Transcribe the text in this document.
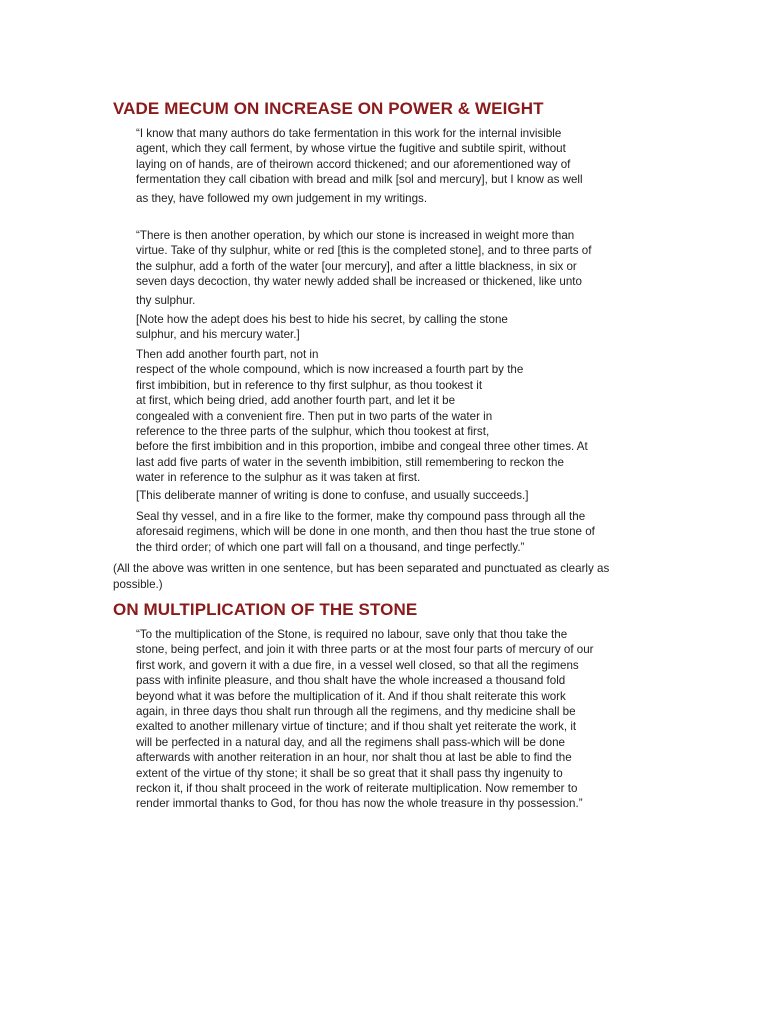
VADE MECUM ON INCREASE ON POWER & WEIGHT
“I know that many authors do take fermentation in this work for the internal invisible
agent, which they call ferment, by whose virtue the fugitive and subtile spirit, without
laying on of hands, are of theirown accord thickened; and our aforementioned way of
fermentation they call cibation with bread and milk [sol and mercury], but I know as well
as they, have followed my own judgement in my writings.
“There is then another operation, by which our stone is increased in weight more than
virtue. Take of thy sulphur, white or red [this is the completed stone], and to three parts of
the sulphur, add a forth of the water [our mercury], and after a little blackness, in six or
seven days decoction, thy water newly added shall be increased or thickened, like unto
thy sulphur.
[Note how the adept does his best to hide his secret, by calling the stone
sulphur, and his mercury water.]
Then add another fourth part, not in
respect of the whole compound, which is now increased a fourth part by the
first imbibition, but in reference to thy first sulphur, as thou tookest it
at first, which being dried, add another fourth part, and let it be
congealed with a convenient fire. Then put in two parts of the water in
reference to the three parts of the sulphur, which thou tookest at first,
before the first imbibition and in this proportion, imbibe and congeal three other times. At
last add five parts of water in the seventh imbibition, still remembering to reckon the
water in reference to the sulphur as it was taken at first.
[This deliberate manner of writing is done to confuse, and usually succeeds.]
Seal thy vessel, and in a fire like to the former, make thy compound pass through all the
aforesaid regimens, which will be done in one month, and then thou hast the true stone of
the third order; of which one part will fall on a thousand, and tinge perfectly.”
(All the above was written in one sentence, but has been separated and punctuated as clearly as
possible.)
ON MULTIPLICATION OF THE STONE
“To the multiplication of the Stone, is required no labour, save only that thou take the
stone, being perfect, and join it with three parts or at the most four parts of mercury of our
first work, and govern it with a due fire, in a vessel well closed, so that all the regimens
pass with infinite pleasure, and thou shalt have the whole increased a thousand fold
beyond what it was before the multiplication of it. And if thou shalt reiterate this work
again, in three days thou shalt run through all the regimens, and thy medicine shall be
exalted to another millenary virtue of tincture; and if thou shalt yet reiterate the work, it
will be perfected in a natural day, and all the regimens shall pass-which will be done
afterwards with another reiteration in an hour, nor shalt thou at last be able to find the
extent of the virtue of thy stone; it shall be so great that it shall pass thy ingenuity to
reckon it, if thou shalt proceed in the work of reiterate multiplication. Now remember to
render immortal thanks to God, for thou has now the whole treasure in thy possession.”
